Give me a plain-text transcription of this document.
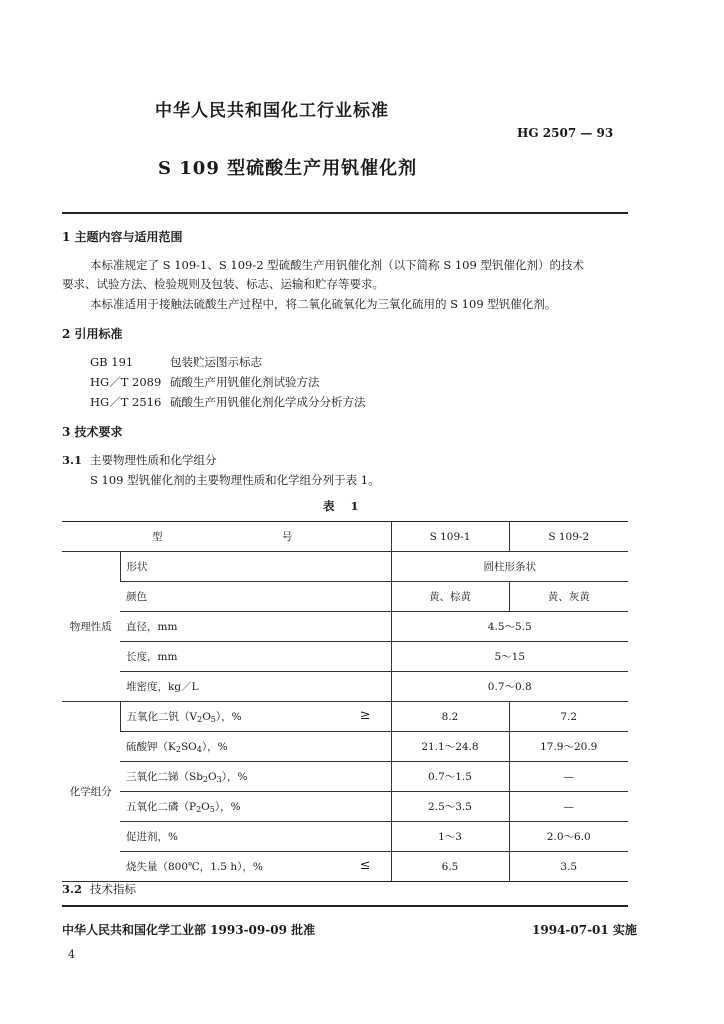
中华人民共和国化工行业标准
HG 2507 — 93
S 109 型硫酸生产用钒催化剂
1 主题内容与适用范围
本标准规定了 S 109-1、S 109-2 型硫酸生产用钒催化剂（以下简称 S 109 型钒催化剂）的技术
要求、试验方法、检验规则及包装、标志、运输和贮存等要求。
本标准适用于接触法硫酸生产过程中，将二氧化硫氧化为三氧化硫用的 S 109 型钒催化剂。
2 引用标准
GB 191	包装贮运图示标志
HG／T 2089 硫酸生产用钒催化剂试验方法
HG／T 2516 硫酸生产用钒催化剂化学成分分析方法
3 技术要求
3.1 主要物理性质和化学组分
S 109 型钒催化剂的主要物理性质和化学组分列于表 1。
表 1
型 号		S 109-1	S 109-2
物理性质	形状	圆柱形条状	
	颜色	黄、棕黄	黄、灰黄
	直径，mm	4.5～5.5	
	长度，mm	5～15	
	堆密度，kg／L	0.7～0.8	
化学组分	五氧化二钒$(V_2O_5)$，% ≥	8.2	7.2
	硫酸钾$(K_2SO_4)$，%	21.1～24.8	17.9～20.9
	三氧化二锑$(Sb_2O_3)$，%	0.7～1.5	—
	五氧化二磷$(P_2O_5)$，%	2.5～3.5	—
	促进剂，%	1～3	2.0～6.0
	烧失量（800℃，1.5 h），% ≤	6.5	3.5
3.2 技术指标
中华人民共和国化学工业部 1993-09-09 批准	1994-07-01 实施
4
